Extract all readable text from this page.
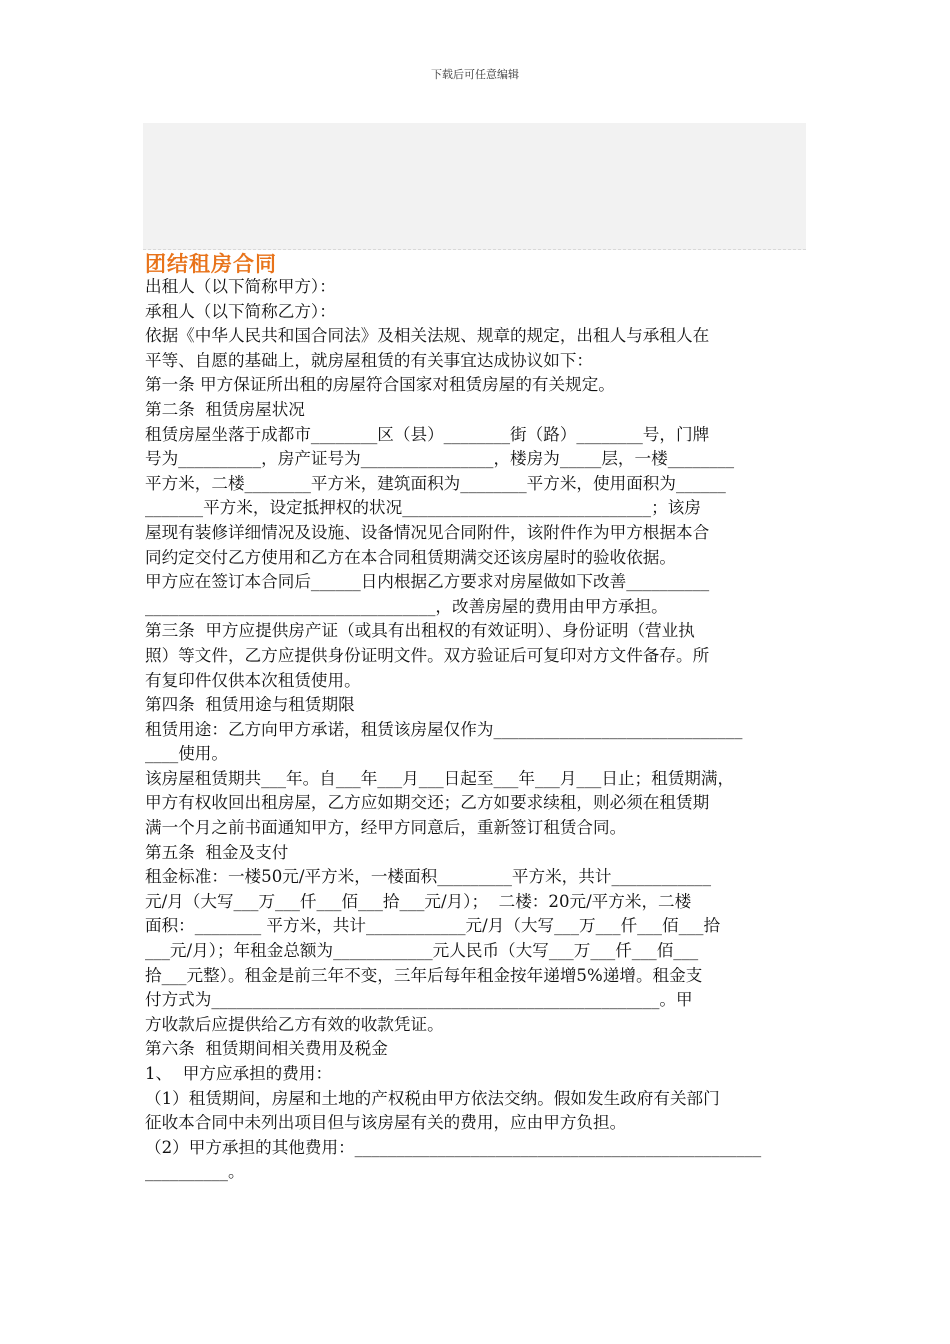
下载后可任意编辑
团结租房合同
出租人（以下简称甲方）：
承租人（以下简称乙方）：
依据《中华人民共和国合同法》及相关法规、规章的规定，出租人与承租人在
平等、自愿的基础上，就房屋租赁的有关事宜达成协议如下：
第一条 甲方保证所出租的房屋符合国家对租赁房屋的有关规定。
第二条  租赁房屋状况
租赁房屋坐落于成都市________区（县）________街（路）________号，门牌
号为__________，房产证号为________________，楼房为_____层，一楼________
平方米，二楼________平方米，建筑面积为________平方米，使用面积为______
_______平方米，设定抵押权的状况______________________________；该房
屋现有装修详细情况及设施、设备情况见合同附件，该附件作为甲方根据本合
同约定交付乙方使用和乙方在本合同租赁期满交还该房屋时的验收依据。
甲方应在签订本合同后______日内根据乙方要求对房屋做如下改善__________
___________________________________，改善房屋的费用由甲方承担。
第三条  甲方应提供房产证（或具有出租权的有效证明）、身份证明（营业执
照）等文件，乙方应提供身份证明文件。双方验证后可复印对方文件备存。所
有复印件仅供本次租赁使用。
第四条  租赁用途与租赁期限
租赁用途：乙方向甲方承诺，租赁该房屋仅作为______________________________
____使用。
该房屋租赁期共___年。自___年___月___日起至___年___月___日止；租赁期满，
甲方有权收回出租房屋，乙方应如期交还；乙方如要求续租，则必须在租赁期
满一个月之前书面通知甲方，经甲方同意后，重新签订租赁合同。
第五条  租金及支付
租金标准：一楼50元/平方米，一楼面积_________平方米，共计____________
元/月（大写___万___仟___佰___拾___元/月）；  二楼：20元/平方米，二楼
面积：________ 平方米，共计____________元/月（大写___万___仟___佰___拾
___元/月）；年租金总额为____________元人民币（大写___万___仟___佰___
拾___元整）。租金是前三年不变，三年后每年租金按年递增5%递增。租金支
付方式为______________________________________________________。甲
方收款后应提供给乙方有效的收款凭证。
第六条  租赁期间相关费用及税金
1、  甲方应承担的费用：
（1）租赁期间，房屋和土地的产权税由甲方依法交纳。假如发生政府有关部门
征收本合同中未列出项目但与该房屋有关的费用，应由甲方负担。
（2）甲方承担的其他费用：_________________________________________________
__________。
